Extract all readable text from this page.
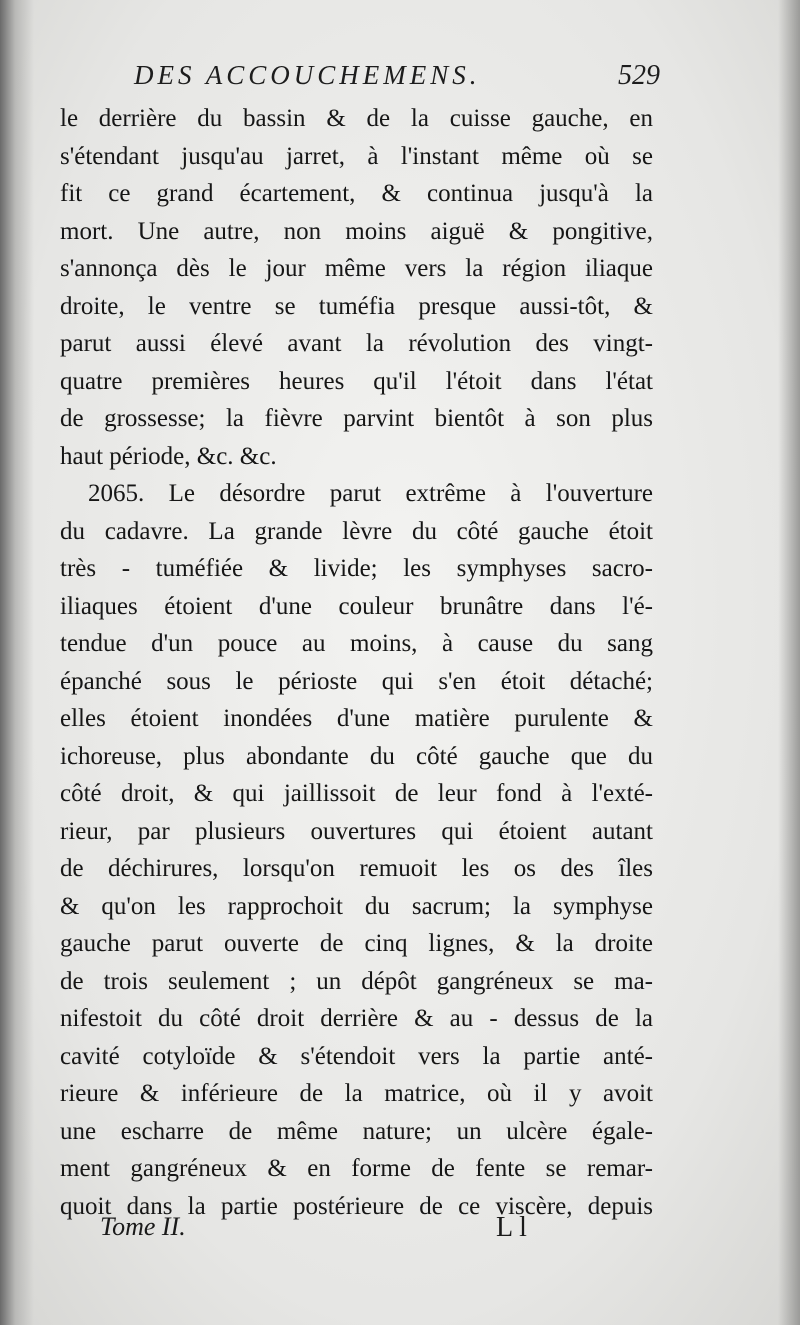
DES ACCOUCHEMENS.	529
le derrière du bassin & de la cuisse gauche, en
s'étendant jusqu'au jarret, à l'instant même où se
fit ce grand écartement, & continua jusqu'à la
mort. Une autre, non moins aiguë & pongitive,
s'annonça dès le jour même vers la région iliaque
droite, le ventre se tuméfia presque aussi-tôt, &
parut aussi élevé avant la révolution des vingt-
quatre premières heures qu'il l'étoit dans l'état
de grossesse; la fièvre parvint bientôt à son plus
haut période, &c. &c.
2065. Le désordre parut extrême à l'ouverture
du cadavre. La grande lèvre du côté gauche étoit
très - tuméfiée & livide; les symphyses sacro-
iliaques étoient d'une couleur brunâtre dans l'é-
tendue d'un pouce au moins, à cause du sang
épanché sous le périoste qui s'en étoit détaché;
elles étoient inondées d'une matière purulente &
ichoreuse, plus abondante du côté gauche que du
côté droit, & qui jaillissoit de leur fond à l'exté-
rieur, par plusieurs ouvertures qui étoient autant
de déchirures, lorsqu'on remuoit les os des îles
& qu'on les rapprochoit du sacrum; la symphyse
gauche parut ouverte de cinq lignes, & la droite
de trois seulement ; un dépôt gangréneux se ma-
nifestoit du côté droit derrière & au - dessus de la
cavité cotyloïde & s'étendoit vers la partie anté-
rieure & inférieure de la matrice, où il y avoit
une escharre de même nature; un ulcère égale-
ment gangréneux & en forme de fente se remar-
quoit dans la partie postérieure de ce viscère, depuis
Tome II.	Ll
